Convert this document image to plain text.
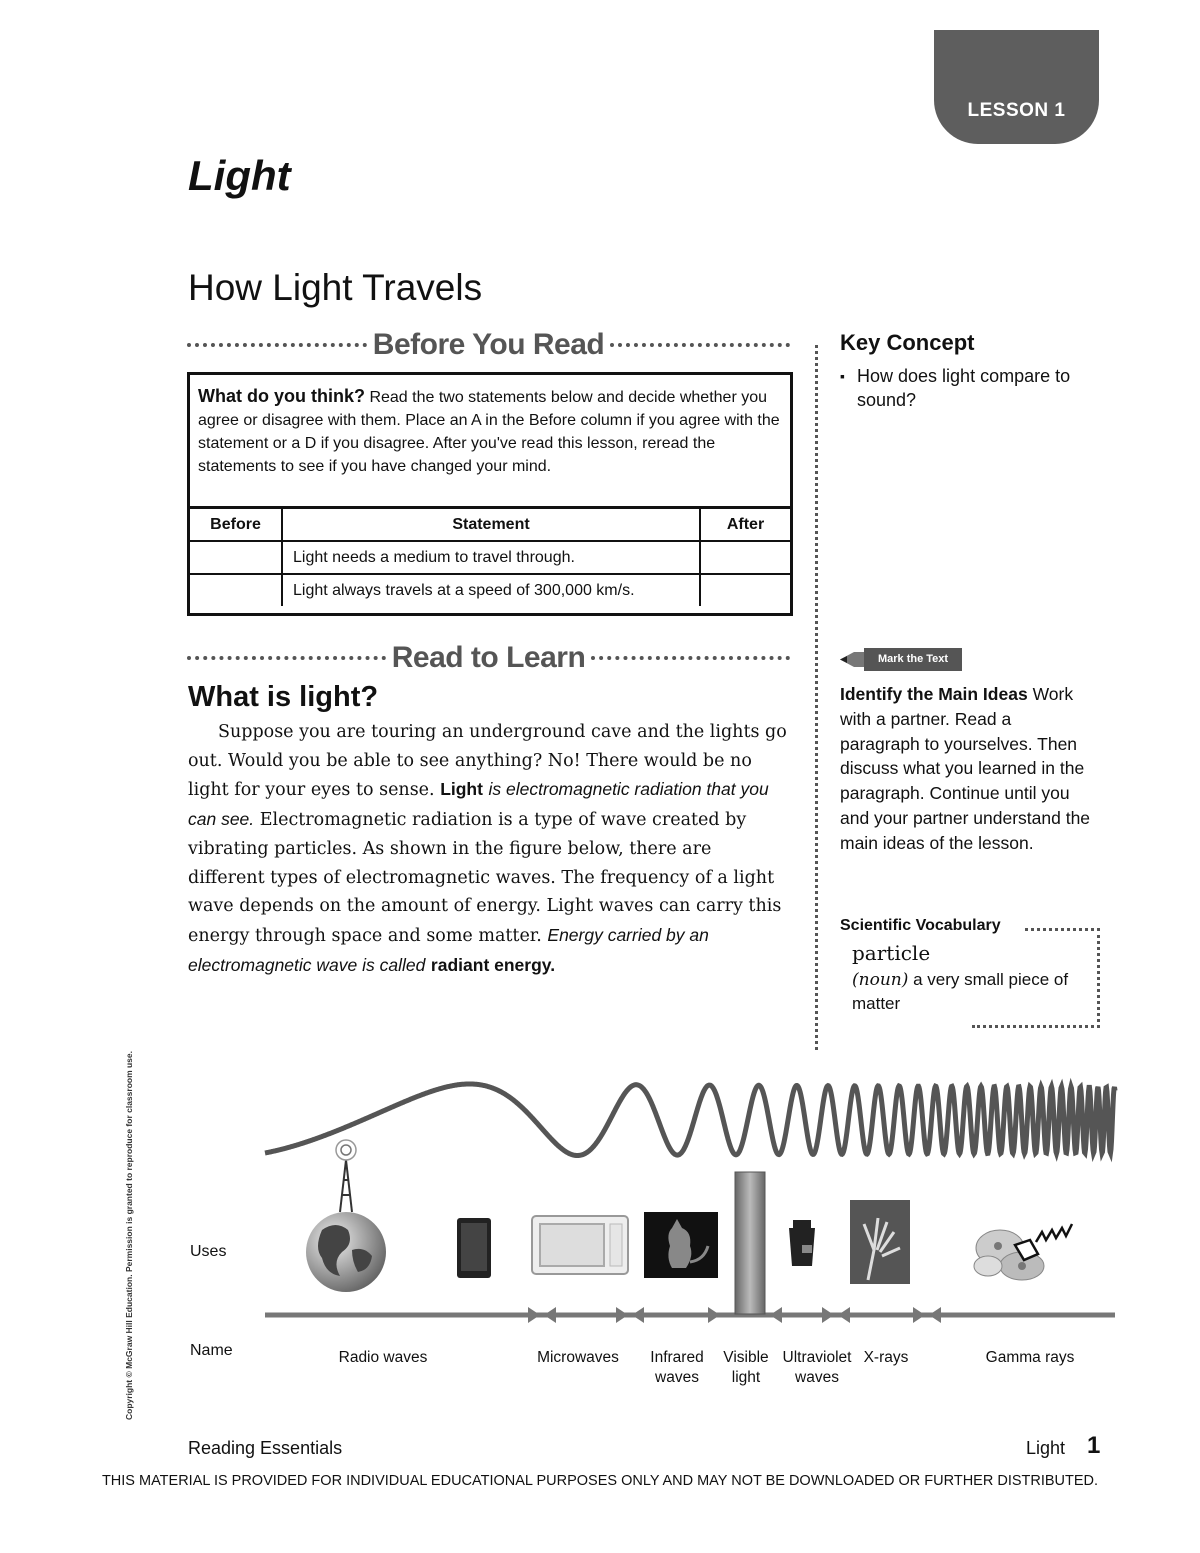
LESSON 1
Light
How Light Travels
Before You Read
What do you think? Read the two statements below and decide whether you agree or disagree with them. Place an A in the Before column if you agree with the statement or a D if you disagree. After you've read this lesson, reread the statements to see if you have changed your mind.
Before	Statement	After
	Light needs a medium to travel through.	
	Light always travels at a speed of 300,000 km/s.	
Key Concept
▪ How does light compare to sound?
Read to Learn	Mark the Text
What is light?
Suppose you are touring an underground cave and the lights go out. Would you be able to see anything? No! There would be no light for your eyes to sense. Light is electromagnetic radiation that you can see. Electromagnetic radiation is a type of wave created by vibrating particles. As shown in the figure below, there are different types of electromagnetic waves. The frequency of a light wave depends on the amount of energy. Light waves can carry this energy through space and some matter. Energy carried by an electromagnetic wave is called radiant energy.
Identify the Main Ideas Work with a partner. Read a paragraph to yourselves. Then discuss what you learned in the paragraph. Continue until you and your partner understand the main ideas of the lesson.
Scientific Vocabulary
particle
(noun) a very small piece of matter
Uses
Name	Radio waves	Microwaves	Infrared waves
Visible light
Ultraviolet waves
X-rays	Gamma rays
Copyright © McGraw Hill Education. Permission is granted to reproduce for classroom use.
Reading Essentials	Light 1
THIS MATERIAL IS PROVIDED FOR INDIVIDUAL EDUCATIONAL PURPOSES ONLY AND MAY NOT BE DOWNLOADED OR FURTHER DISTRIBUTED.
